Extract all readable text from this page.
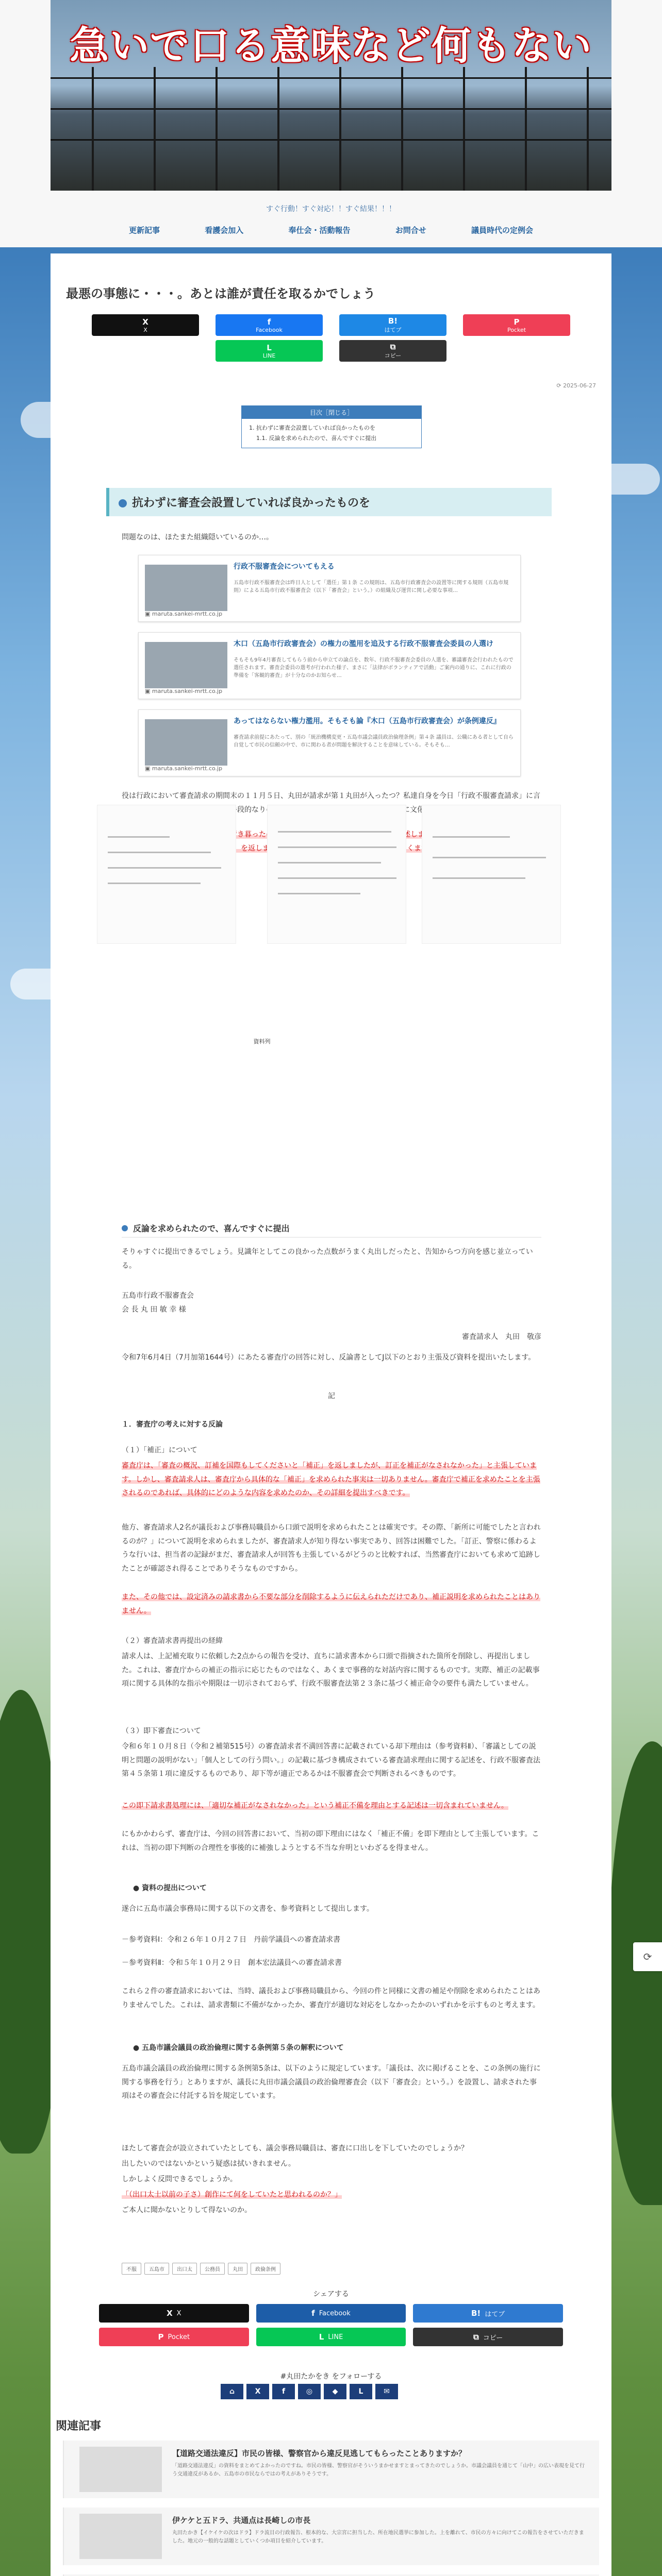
急いで口る意味など何もない
すぐ行動！すぐ対応！！すぐ結果！！！
更新記事	看護会加入	奉仕会・活動報告	お問合せ	議員時代の定例会
最悪の事態に・・・。あとは誰が責任を取るかでしょう
X
X
f
Facebook
B!
はてブ
P
Pocket
L
LINE
⧉
コピー
⟳ 2025-06-27
目次［閉じる］
1. 抗わずに審査会設置していれば良かったものを
1.1. 反論を求められたので、喜んですぐに提出
抗わずに審査会設置していれば良かったものを

問題なのは、ほたまた組織隠いているのか…。

行政不服審査会についてもえる
五島市行政不服審査会は昨日人として「選任」第１条 この規則は、五島市行政審査会の設置等に関する規則（五島市規則）による五島市行政不服審査会（以下「審査会」という。）の組織及び運営に関し必要な事項…
▣ maruta.sankei-mrtt.co.jp
木口（五島市行政審査会）の権力の濫用を追及する行政不服審査会委員の人選け
そもそも9年4月審査してもらう前から申立ての論点を、数年、行政不服審査会委員の人選を、審議審査会行われたもので選任されます。審査会委員の選考が行われた様子、まさに「法律がボランティアで活動」ご案内の通りに、これに行政の準備を「客観的審査」が十分なのかお知らせ…
▣ maruta.sankei-mrtt.co.jp
あってはならない権力濫用。そもそも論『木口（五島市行政審査会）が条例違反』
審査請求前提にあたって、別の「統治機構変更・五島市議会議員政治倫理条例」第４条 議員は、公職にある者として自ら自覚して市民の信頼の中で、市に関わる者が問題を解決することを意味している。そもそも…
▣ maruta.sankei-mrtt.co.jp

役は行政において審査請求の期間末の１１月５日、丸田が請求が第１丸田が入ったつ？私達自身を今日「行政不服審査請求」に言 対する手段的なりの義務事分としています。即下で通報事事に文化的となる言いますばらと、

資料列

反論を求められたので、喜んですぐに提出

そりゃすぐに提出できるでしょう。見識年としてこの良かった点数がうまく丸出しだったと、告知からつ方向を感じ並立っている。

五島市行政不服審査会
会 長 丸 田 敏 幸 様

審査請求人　丸田　敬彦

令和7年6月4日（7月加第1644号）にあたる審査庁の回答に対し、反論書としてJ以下のとおり主張及び資料を提出いたします。

記

１．審査庁の考えに対する反論

（１）「補正」について

審査庁は、「審査の概況、訂補を国際もしてくださいと「補正」を返しましたが、訂正を補正がなされなかった」と主張しています。しかし、審査請求人は、審査庁から具体的な「補正」を求められた事実は一切ありません。審査庁で補正を求めたことを主張されるのであれば、具体的にどのような内容を求めたのか、その詳細を提出すべきです。

他方、審査請求人2名が議長および事務局職員から口頭で説明を求められたことは確実です。その際、「新所に可能でしたと言われるのが？」について説明を求められましたが、審査請求人が知り得ない事実であり、回答は困難でした。「訂正、警察に係わるような行いは、担当者の記録がまだ、審査請求人が回答も主張しているがどうのと比較すれば、当然審査庁においても求めて追跡したことが確認され得ることでありそうなものですから。

また、その他では、設定済みの請求書から不要な部分を削除するように伝えられただけであり、補正説明を求められたことはありません。

（２）審査請求書再提出の経緯

請求人は、上記補充取りに依頼した2点からの報告を受け、直ちに請求書本から口頭で指摘された箇所を削除し、再提出しました。これは、審査庁からの補正の指示に応じたものではなく、あくまで事務的な対話内容に関するものです。実際、補正の記載事項に関する具体的な指示や期限は一切示されておらず、行政不服審査法第２３条に基づく補正命令の要件も満たしていません。

（３）即下審査について

令和６年１０月８日（令和２補第515号）の審査請求者不満回答書に記載されている却下理由は（参考資料Ⅱ）、「審議としての説明と問題の説明がない」「個人としての行う問い。」の記載に基づき構成されている審査請求理由に関する記述を、行政不服審査法第４５条第１項に違反するものであり、却下等が適正であるかは不服審査会で判断されるべきものです。

この即下請求書処理には、「適切な補正がなされなかった」という補正不備を理由とする記述は一切含まれていません。

にもかかわらず、審査庁は、今回の回答書において、当初の即下理由にはなく「補正不備」を即下理由として主張しています。これは、当初の即下判断の合理性を事後的に補強しようとする不当な弁明といわざるを得ません。

● 資料の提出について

遂合に五島市議会事務局に関する以下の文書を、参考資料として提出します。

－参考資料Ⅰ：令和２６年１０月２７日　丹前学議員への審査請求書

－参考資料Ⅱ：令和５年１０月２９日　創本宏法議員への審査請求書

これら２件の審査請求においては、当時、議長および事務局職員から、今回の件と同様に文書の補足や削除を求められたことはありませんでした。これは、請求書類に不備がなかったか、審査庁が適切な対応をしなかったかのいずれかを示すものと考えます。

● 五島市議会議員の政治倫理に関する条例第５条の解釈について

五島市議会議員の政治倫理に関する条例第5条は、以下のように規定しています。「議長は、次に掲げることを、この条例の施行に関する事務を行う」とありますが、議長に丸田市議会議員の政治倫理審査会（以下「審査会」という。）を設置し、請求された事項はその審査会に付託する旨を規定しています。

ほたして審査会が設立されていたとしても、議会事務局職員は、審査に口出しを下していたのでしょうか？

出したいのではないかという疑惑は拭いきれません。

しかしよく反問できるでしょうか。

「（出口太士以前の子さ）創作にて何をしていたと思われるのか？」

ご本人に聞かないとりして得ないのか。

不服	五島市	出口太	公務員	丸田	政倫条例
シェアする
X X	f Facebook	B! はてブ
P Pocket	L LINE	⧉ コピー
#丸田たかをき をフォローする
⌂	X	f	◎	◆	L	✉
関連記事
【道路交通法違反】市民の皆様、警察官から違反見逃してもらったことありますか？
「道路交通法違反」の資料をまとめてよかったのですね。市民の皆様、警察官がそういうまかせますとまってきたのでしょうか。市議会議員を通じて「山中」の広い表現を見て行う交通違反があるか、五島市の市民ならではの考えがありそうです。
伊ケケと五ドラ、共通点は長崎しの市長
丸田たかき【イケイケの次はドラ】ドラ流目の行政報告、根本的な、大宗宮に担当した、所在地民選挙に参加した。上を離れて、市民の方々に向けてこの報告をさせていただきました。地元の一般的な話題としていくつか項目を紹介しています。
⟳
